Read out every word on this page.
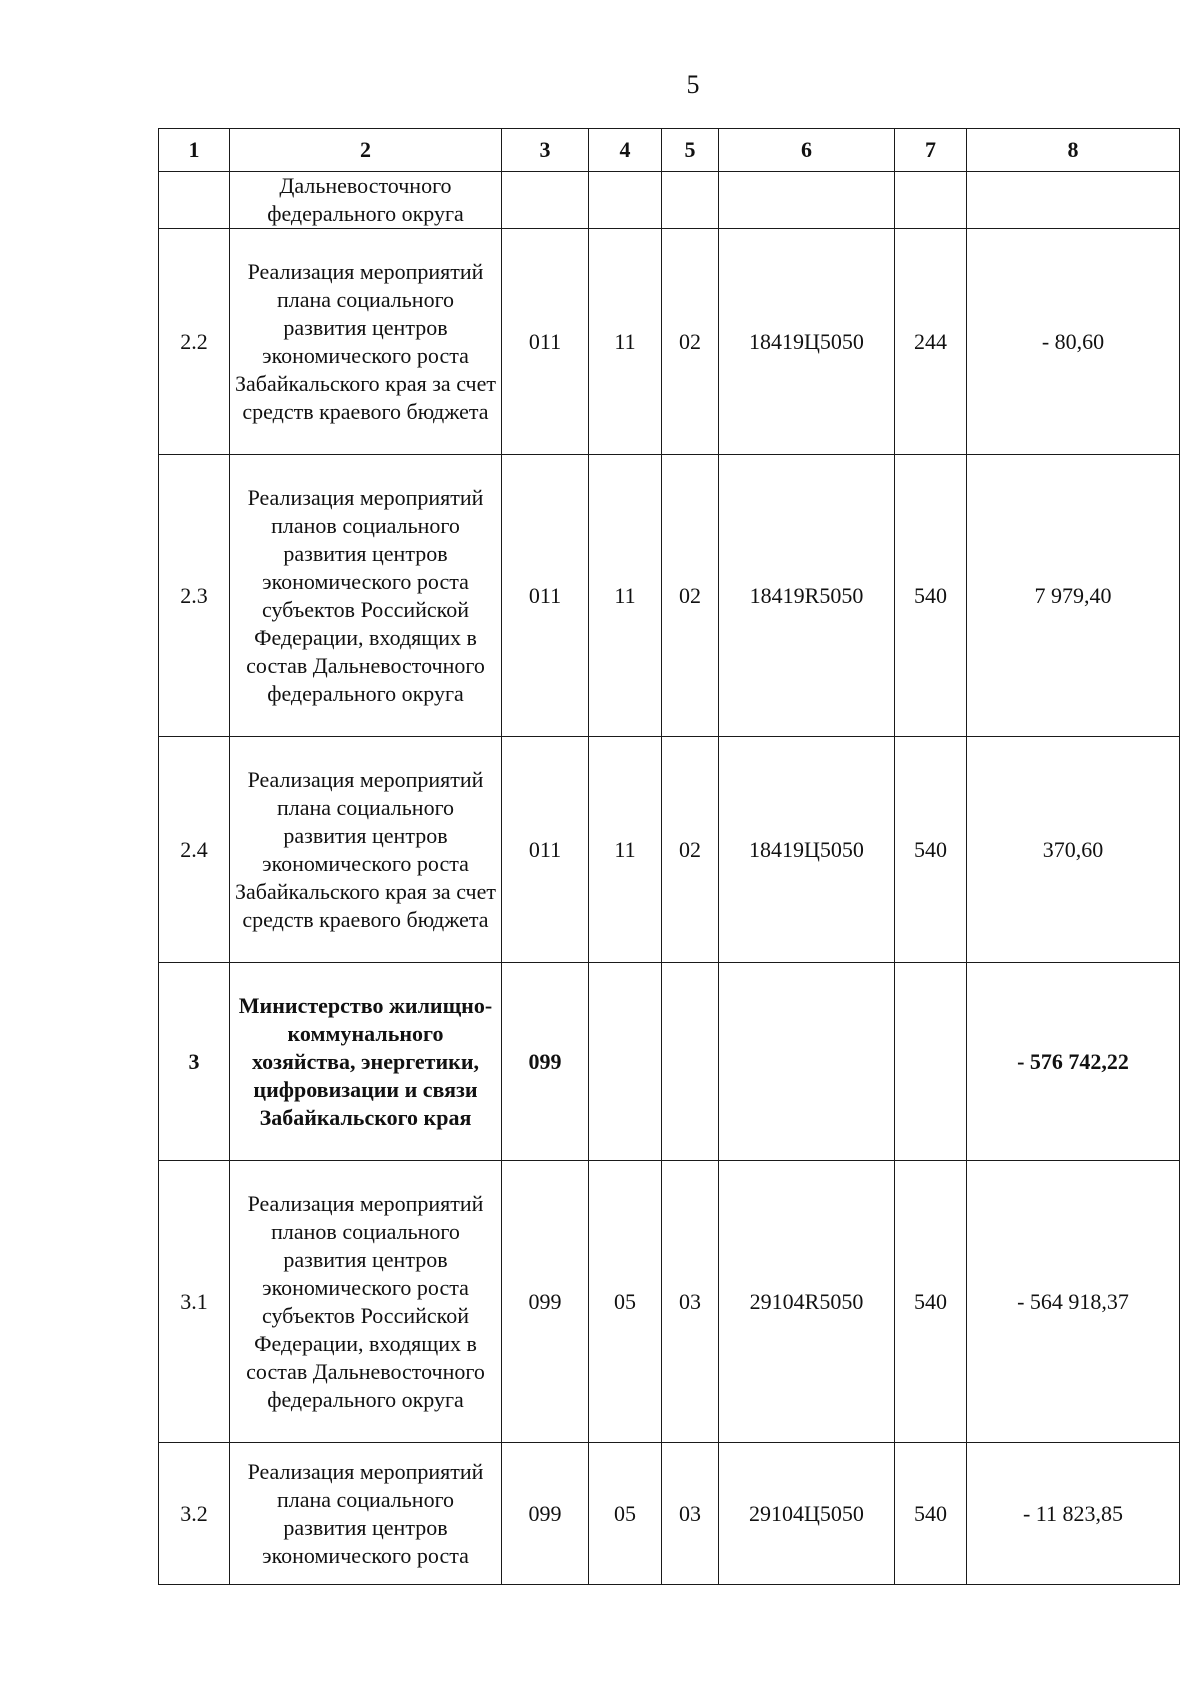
5
1	2	3	4	5	6	7	8
	Дальневосточного федерального округа						
2.2	Реализация мероприятий плана социального развития центров экономического роста Забайкальского края за счет средств краевого бюджета	011	11	02	18419Ц5050	244	- 80,60
2.3	Реализация мероприятий планов социального развития центров экономического роста субъектов Российской Федерации, входящих в состав Дальневосточного федерального округа	011	11	02	18419R5050	540	7 979,40
2.4	Реализация мероприятий плана социального развития центров экономического роста Забайкальского края за счет средств краевого бюджета	011	11	02	18419Ц5050	540	370,60
3	Министерство жилищно-коммунального хозяйства, энергетики, цифровизации и связи Забайкальского края	099					- 576 742,22
3.1	Реализация мероприятий планов социального развития центров экономического роста субъектов Российской Федерации, входящих в состав Дальневосточного федерального округа	099	05	03	29104R5050	540	- 564 918,37
3.2	Реализация мероприятий плана социального развития центров экономического роста	099	05	03	29104Ц5050	540	- 11 823,85
